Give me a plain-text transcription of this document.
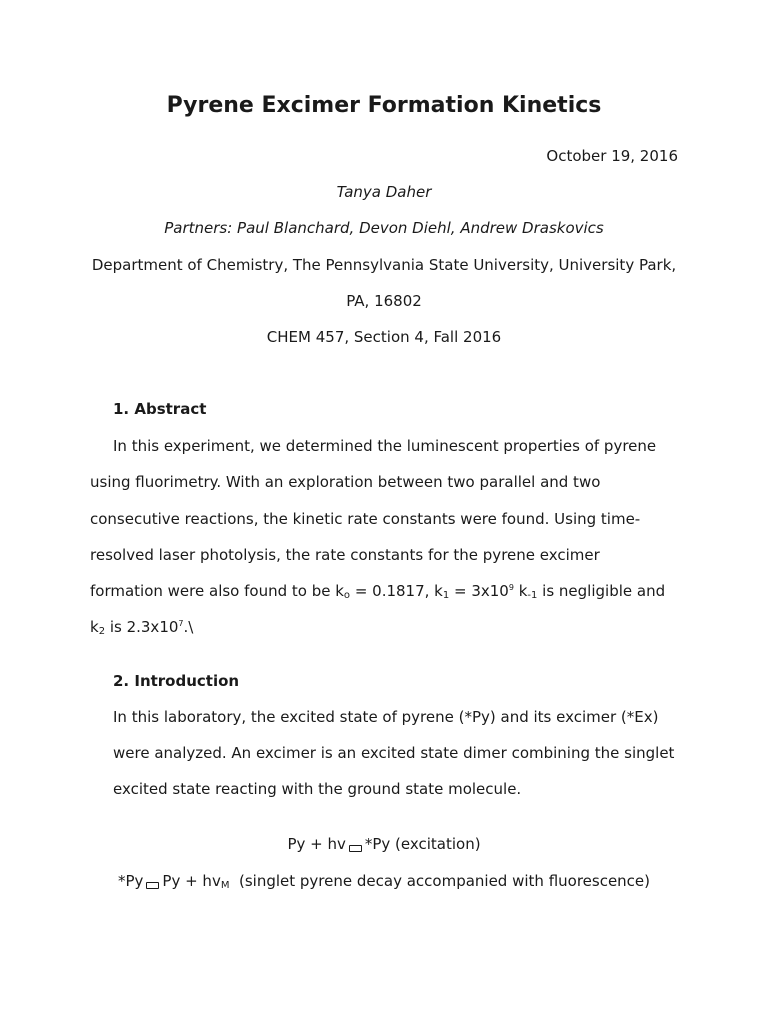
Pyrene Excimer Formation Kinetics
October 19, 2016
Tanya Daher
Partners: Paul Blanchard, Devon Diehl, Andrew Draskovics
Department of Chemistry, The Pennsylvania State University, University Park,
PA, 16802
CHEM 457, Section 4, Fall 2016
1. Abstract
In this experiment, we determined the luminescent properties of pyrene
using fluorimetry. With an exploration between two parallel and two
consecutive reactions, the kinetic rate constants were found. Using time-
resolved laser photolysis, the rate constants for the pyrene excimer
formation were also found to be $k_o = 0.1817$, $k_1 = 3x10^9$ $k_{-1}$ is negligible and
$k_2$ is $2.3x10^7.\backslash$
2. Introduction
In this laboratory, the excited state of pyrene (*Py) and its excimer (*Ex)
were analyzed. An excimer is an excited state dimer combining the singlet
excited state reacting with the ground state molecule.
Py + hv *Py (excitation)
*Py $Py + hv_M$  (singlet pyrene decay accompanied with fluorescence)
